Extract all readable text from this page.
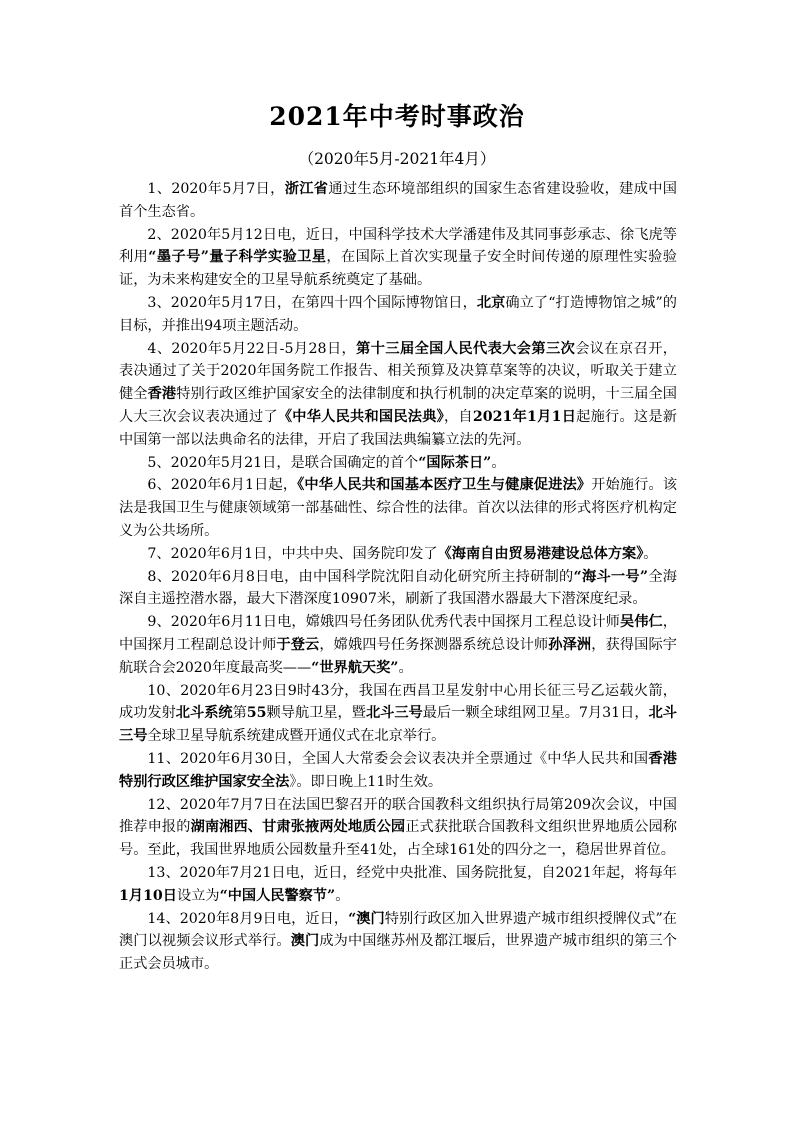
2021年中考时事政治
（2020年5月-2021年4月）

1、2020年5月7日，浙江省通过生态环境部组织的国家生态省建设验收，建成中国首个生态省。

2、2020年5月12日电，近日，中国科学技术大学潘建伟及其同事彭承志、徐飞虎等利用“墨子号”量子科学实验卫星，在国际上首次实现量子安全时间传递的原理性实验验证，为未来构建安全的卫星导航系统奠定了基础。

3、2020年5月17日，在第四十四个国际博物馆日，北京确立了“打造博物馆之城”的目标，并推出94项主题活动。

4、2020年5月22日-5月28日，第十三届全国人民代表大会第三次会议在京召开，表决通过了关于2020年国务院工作报告、相关预算及决算草案等的决议，听取关于建立健全香港特别行政区维护国家安全的法律制度和执行机制的决定草案的说明，十三届全国人大三次会议表决通过了《中华人民共和国民法典》，自2021年1月1日起施行。这是新中国第一部以法典命名的法律，开启了我国法典编纂立法的先河。

5、2020年5月21日，是联合国确定的首个“国际茶日”。

6、2020年6月1日起，《中华人民共和国基本医疗卫生与健康促进法》开始施行。该法是我国卫生与健康领域第一部基础性、综合性的法律。首次以法律的形式将医疗机构定义为公共场所。

7、2020年6月1日，中共中央、国务院印发了《海南自由贸易港建设总体方案》。

8、2020年6月8日电，由中国科学院沈阳自动化研究所主持研制的“海斗一号”全海深自主遥控潜水器，最大下潜深度10907米，刷新了我国潜水器最大下潜深度纪录。

9、2020年6月11日电，嫦娥四号任务团队优秀代表中国探月工程总设计师吴伟仁，中国探月工程副总设计师于登云，嫦娥四号任务探测器系统总设计师孙泽洲，获得国际宇航联合会2020年度最高奖——“世界航天奖”。

10、2020年6月23日9时43分，我国在西昌卫星发射中心用长征三号乙运载火箭，成功发射北斗系统第55颗导航卫星，暨北斗三号最后一颗全球组网卫星。7月31日，北斗三号全球卫星导航系统建成暨开通仪式在北京举行。

11、2020年6月30日，全国人大常委会会议表决并全票通过《中华人民共和国香港特别行政区维护国家安全法》。即日晚上11时生效。

12、2020年7月7日在法国巴黎召开的联合国教科文组织执行局第209次会议，中国推荐申报的湖南湘西、甘肃张掖两处地质公园正式获批联合国教科文组织世界地质公园称号。至此，我国世界地质公园数量升至41处，占全球161处的四分之一，稳居世界首位。

13、2020年7月21日电，近日，经党中央批准、国务院批复，自2021年起，将每年1月10日设立为“中国人民警察节”。

14、2020年8月9日电，近日，“澳门特别行政区加入世界遗产城市组织授牌仪式”在澳门以视频会议形式举行。澳门成为中国继苏州及都江堰后，世界遗产城市组织的第三个正式会员城市。
